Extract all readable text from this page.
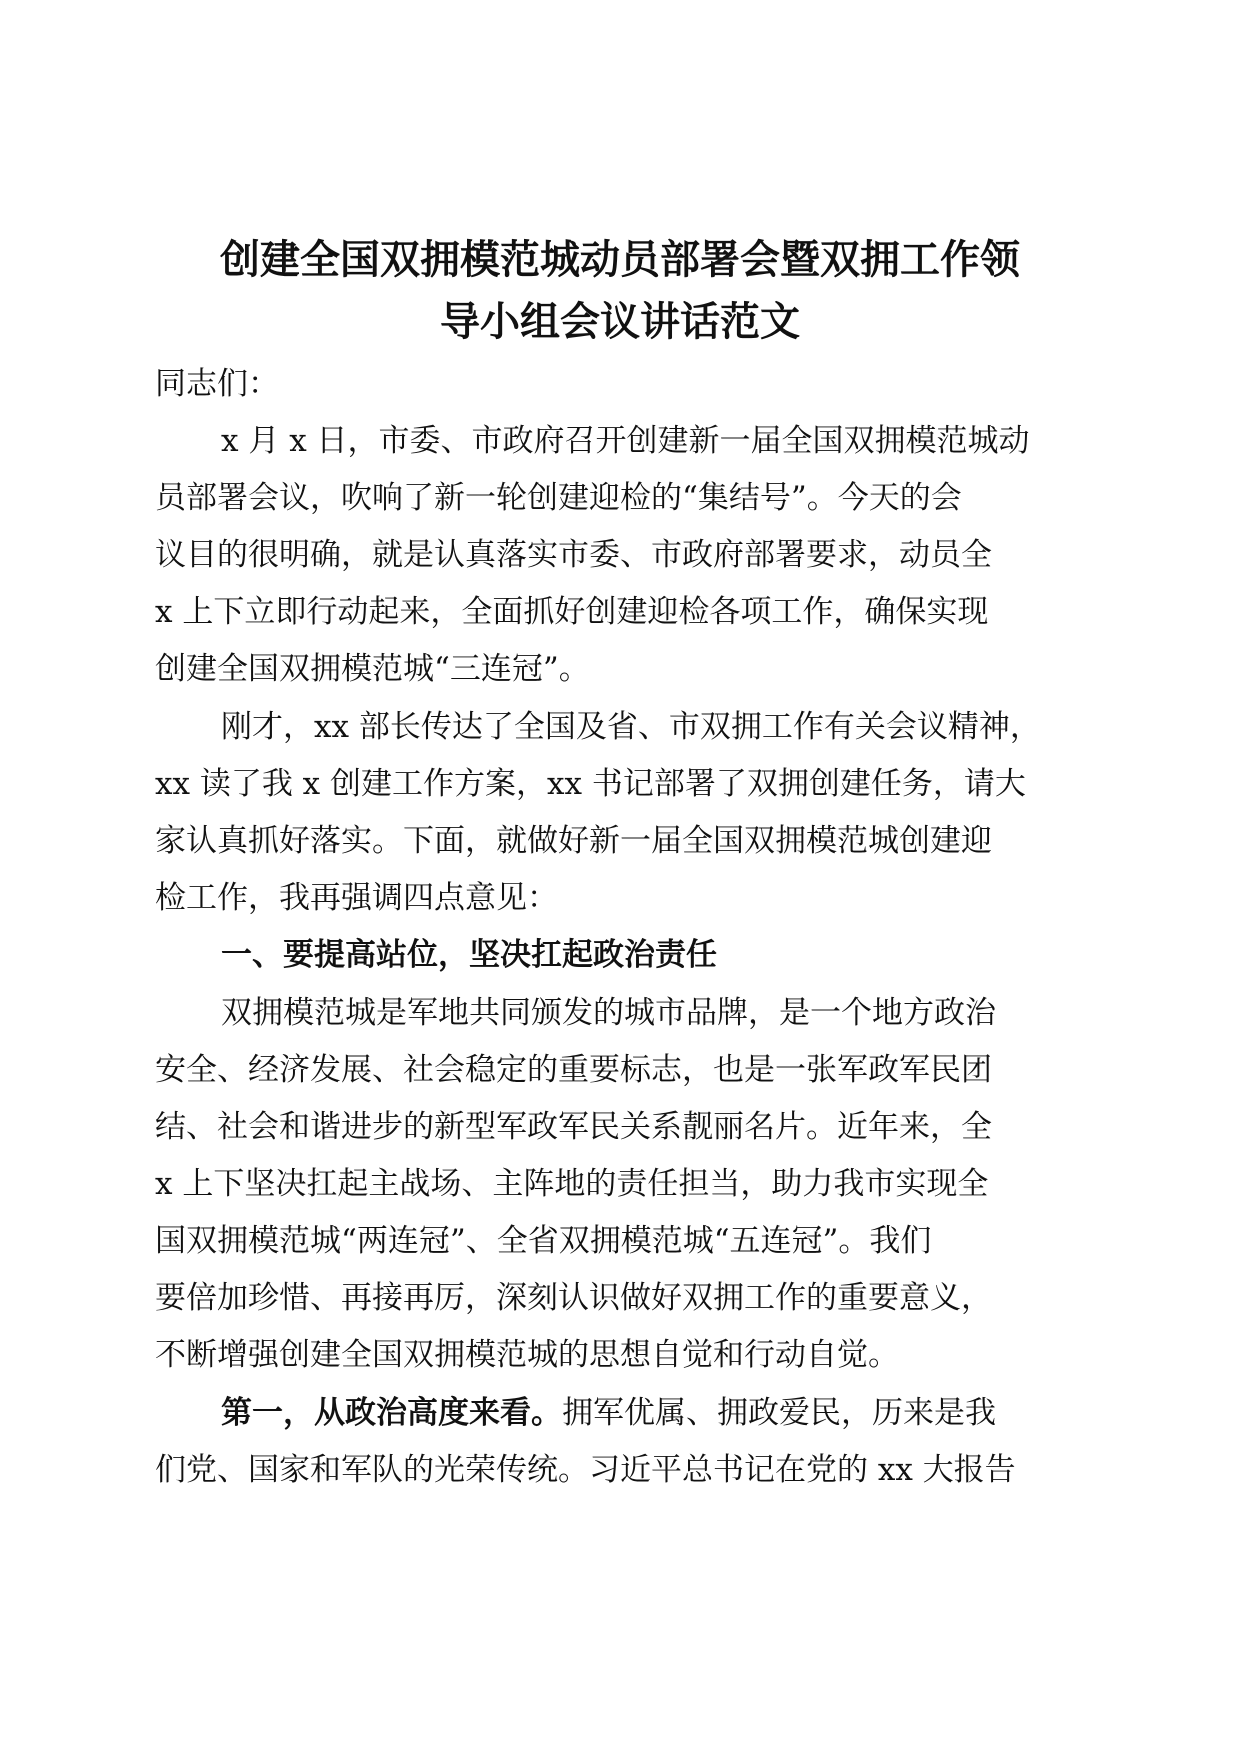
创建全国双拥模范城动员部署会暨双拥工作领
导小组会议讲话范文
同志们：
x 月 x 日，市委、市政府召开创建新一届全国双拥模范城动
员部署会议，吹响了新一轮创建迎检的“集结号”。今天的会
议目的很明确，就是认真落实市委、市政府部署要求，动员全
x 上下立即行动起来，全面抓好创建迎检各项工作，确保实现
创建全国双拥模范城“三连冠”。
刚才，xx 部长传达了全国及省、市双拥工作有关会议精神，
xx 读了我 x 创建工作方案，xx 书记部署了双拥创建任务，请大
家认真抓好落实。下面，就做好新一届全国双拥模范城创建迎
检工作，我再强调四点意见：
一、要提高站位，坚决扛起政治责任
双拥模范城是军地共同颁发的城市品牌，是一个地方政治
安全、经济发展、社会稳定的重要标志，也是一张军政军民团
结、社会和谐进步的新型军政军民关系靓丽名片。近年来，全
x 上下坚决扛起主战场、主阵地的责任担当，助力我市实现全
国双拥模范城“两连冠”、全省双拥模范城“五连冠”。我们
要倍加珍惜、再接再厉，深刻认识做好双拥工作的重要意义，
不断增强创建全国双拥模范城的思想自觉和行动自觉。
第一，从政治高度来看。拥军优属、拥政爱民，历来是我
们党、国家和军队的光荣传统。习近平总书记在党的 xx 大报告
